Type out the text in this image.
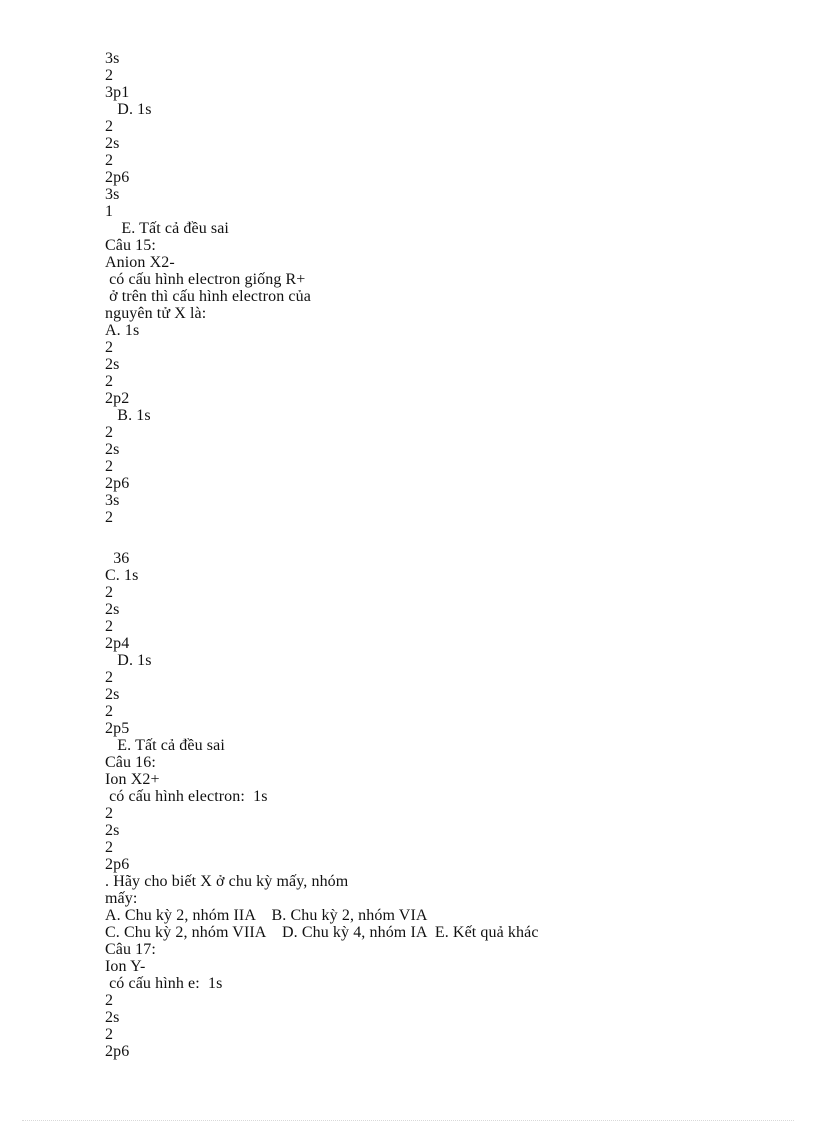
3s
2
3p1
D. 1s
2
2s
2
2p6
3s
1
E. Tất cả đều sai
Câu 15:
Anion X2-
có cấu hình electron giống R+
ở trên thì cấu hình electron của
nguyên tử X là:
A. 1s
2
2s
2
2p2
B. 1s
2
2s
2
2p6
3s
2
36
C. 1s
2
2s
2
2p4
D. 1s
2
2s
2
2p5
E. Tất cả đều sai
Câu 16:
Ion X2+
có cấu hình electron:  1s
2
2s
2
2p6
. Hãy cho biết X ở chu kỳ mấy, nhóm
mấy:
A. Chu kỳ 2, nhóm IIA    B. Chu kỳ 2, nhóm VIA
C. Chu kỳ 2, nhóm VIIA    D. Chu kỳ 4, nhóm IA  E. Kết quả khác
Câu 17:
Ion Y-
có cấu hình e:  1s
2
2s
2
2p6
